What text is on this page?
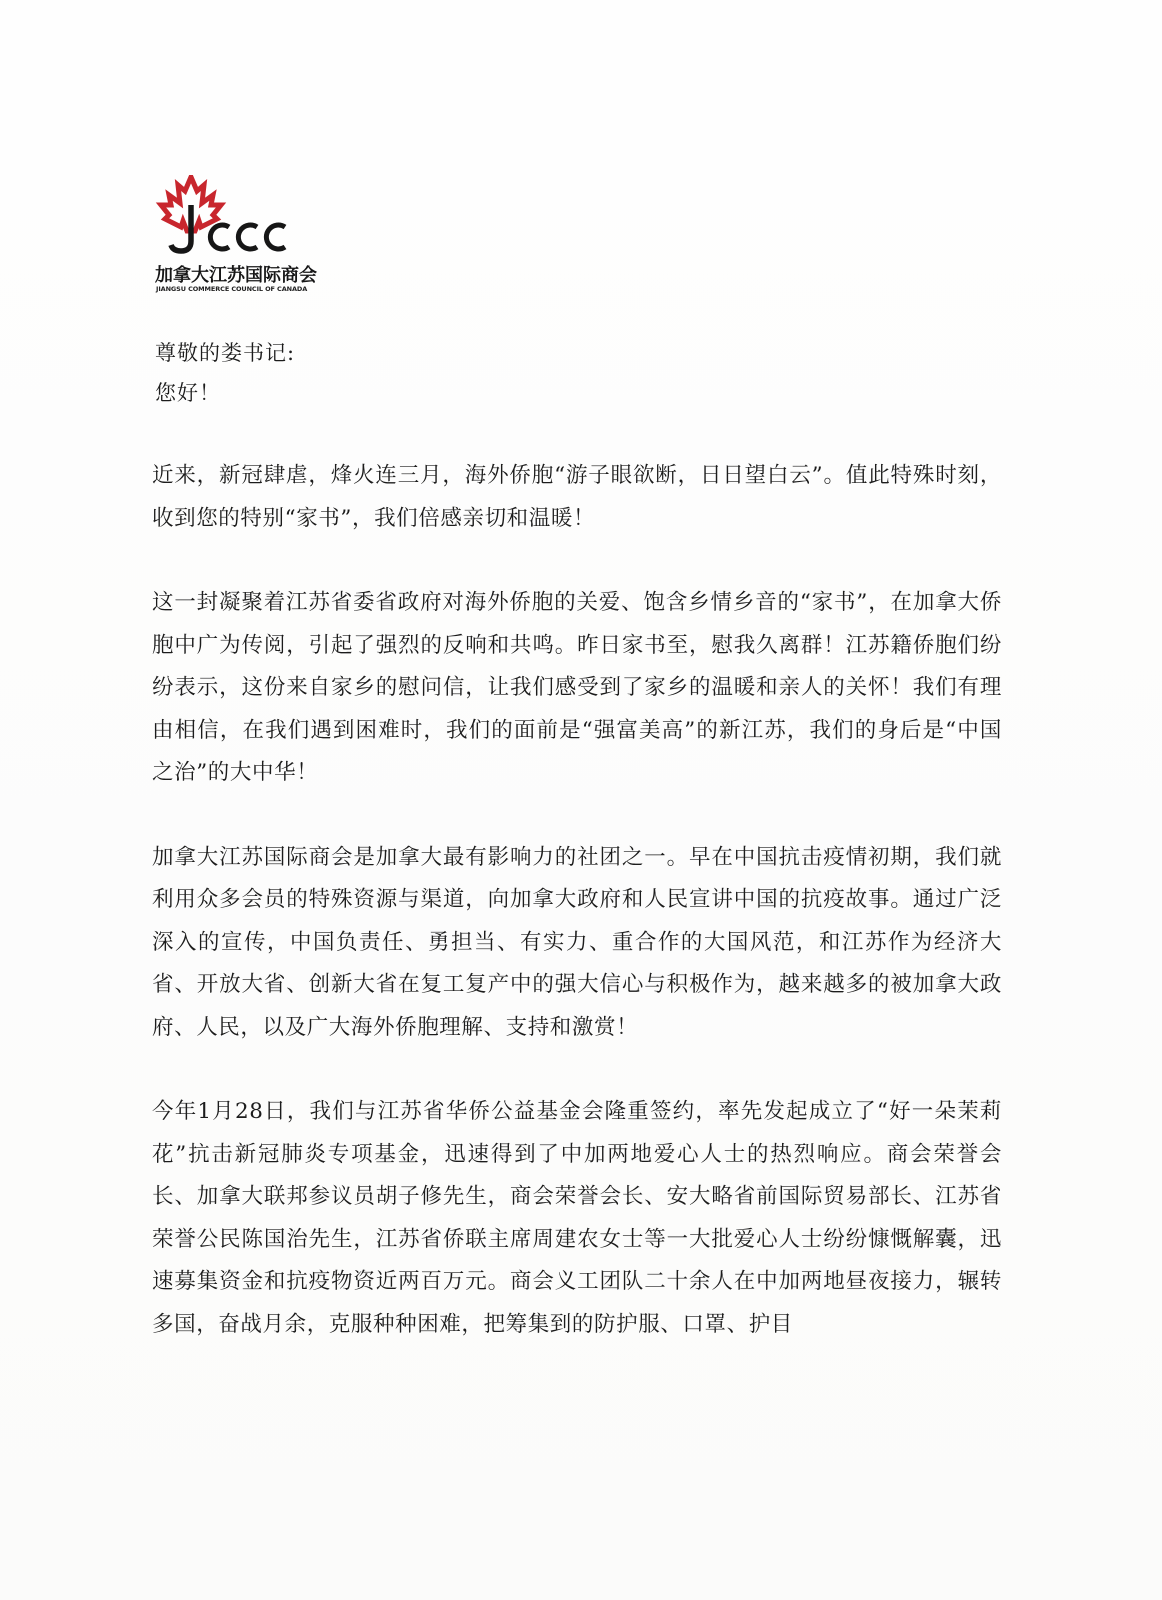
加拿大江苏国际商会
JIANGSU COMMERCE COUNCIL OF CANADA
尊敬的娄书记:
您好！

近来，新冠肆虐，烽火连三月，海外侨胞“游子眼欲断，日日望白云”。值此特殊时刻，收到您的特别“家书”，我们倍感亲切和温暖！

这一封凝聚着江苏省委省政府对海外侨胞的关爱、饱含乡情乡音的“家书”，在加拿大侨胞中广为传阅，引起了强烈的反响和共鸣。昨日家书至，慰我久离群！江苏籍侨胞们纷纷表示，这份来自家乡的慰问信，让我们感受到了家乡的温暖和亲人的关怀！我们有理由相信，在我们遇到困难时，我们的面前是“强富美高”的新江苏，我们的身后是“中国之治”的大中华！

加拿大江苏国际商会是加拿大最有影响力的社团之一。早在中国抗击疫情初期，我们就利用众多会员的特殊资源与渠道，向加拿大政府和人民宣讲中国的抗疫故事。通过广泛深入的宣传，中国负责任、勇担当、有实力、重合作的大国风范，和江苏作为经济大省、开放大省、创新大省在复工复产中的强大信心与积极作为，越来越多的被加拿大政府、人民，以及广大海外侨胞理解、支持和激赏！

今年1月28日，我们与江苏省华侨公益基金会隆重签约，率先发起成立了“好一朵茉莉花”抗击新冠肺炎专项基金，迅速得到了中加两地爱心人士的热烈响应。商会荣誉会长、加拿大联邦参议员胡子修先生，商会荣誉会长、安大略省前国际贸易部长、江苏省荣誉公民陈国治先生，江苏省侨联主席周建农女士等一大批爱心人士纷纷慷慨解囊，迅速募集资金和抗疫物资近两百万元。商会义工团队二十余人在中加两地昼夜接力，辗转多国，奋战月余，克服种种困难，把筹集到的防护服、口罩、护目
